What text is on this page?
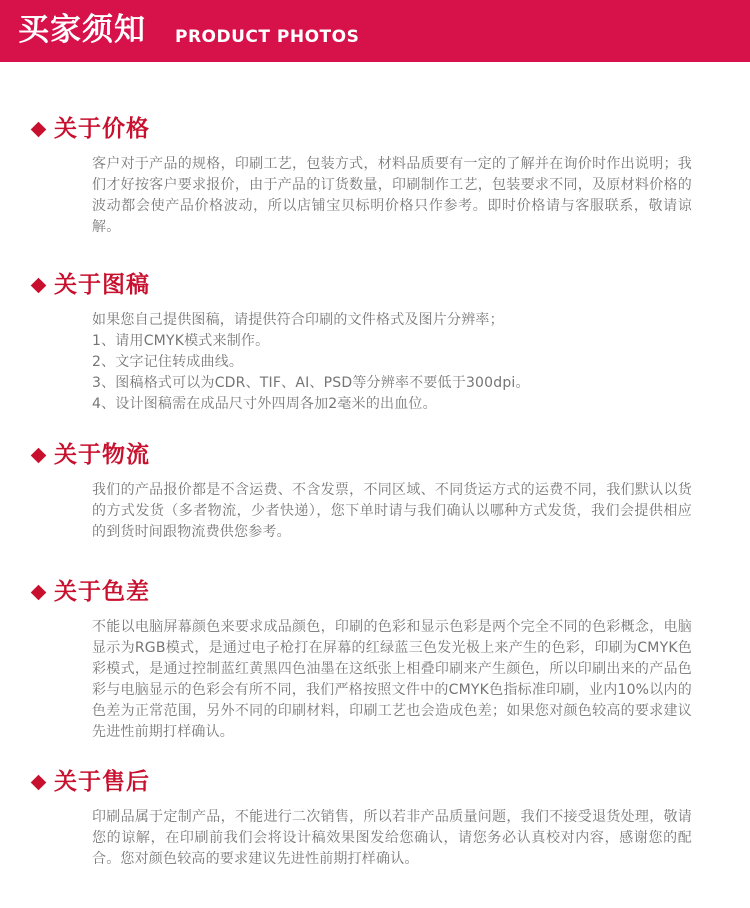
买家须知 PRODUCT PHOTOS
关于价格

客户对于产品的规格，印刷工艺，包装方式，材料品质要有一定的了解并在询价时作出说明；我们才好按客户要求报价，由于产品的订货数量，印刷制作工艺，包装要求不同，及原材料价格的波动都会使产品价格波动，所以店铺宝贝标明价格只作参考。即时价格请与客服联系，敬请谅解。

关于图稿
如果您自己提供图稿，请提供符合印刷的文件格式及图片分辨率；
1、请用CMYK模式来制作。
2、文字记住转成曲线。
3、图稿格式可以为CDR、TIF、AI、PSD等分辨率不要低于300dpi。
4、设计图稿需在成品尺寸外四周各加2毫米的出血位。
关于物流

我们的产品报价都是不含运费、不含发票，不同区域、不同货运方式的运费不同，我们默认以货的方式发货（多者物流，少者快递），您下单时请与我们确认以哪种方式发货，我们会提供相应的到货时间跟物流费供您参考。

关于色差

不能以电脑屏幕颜色来要求成品颜色，印刷的色彩和显示色彩是两个完全不同的色彩概念，电脑显示为RGB模式，是通过电子枪打在屏幕的红绿蓝三色发光极上来产生的色彩，印刷为CMYK色彩模式，是通过控制蓝红黄黑四色油墨在这纸张上相叠印刷来产生颜色，所以印刷出来的产品色彩与电脑显示的色彩会有所不同，我们严格按照文件中的CMYK色指标准印刷，业内10%以内的色差为正常范围，另外不同的印刷材料，印刷工艺也会造成色差；如果您对颜色较高的要求建议先进性前期打样确认。

关于售后

印刷品属于定制产品，不能进行二次销售，所以若非产品质量问题，我们不接受退货处理，敬请您的谅解，在印刷前我们会将设计稿效果图发给您确认，请您务必认真校对内容，感谢您的配合。您对颜色较高的要求建议先进性前期打样确认。
